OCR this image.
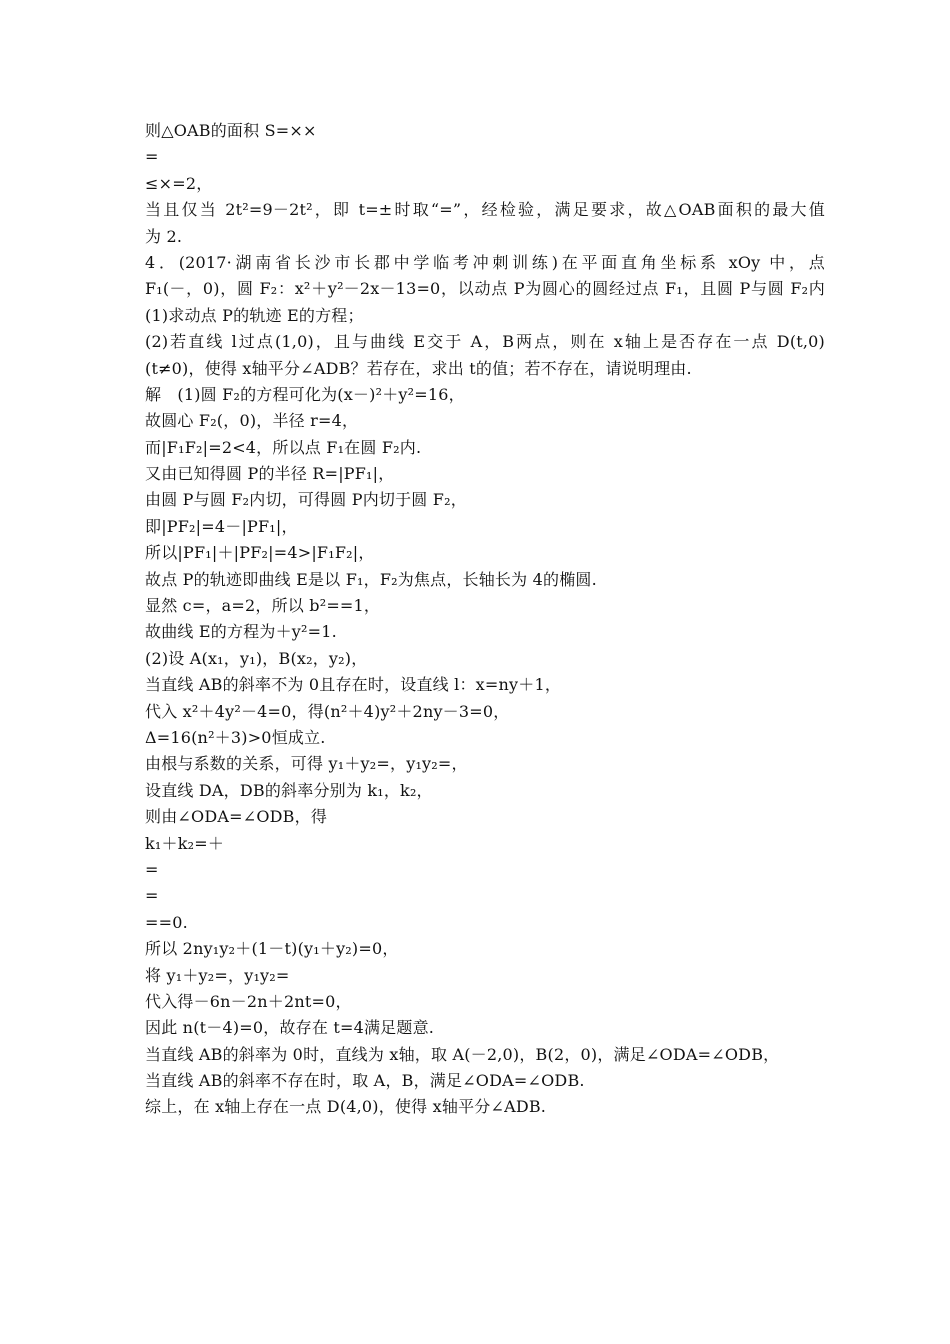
则△OAB的面积 S=××
=
≤×=2，
当且仅当 2t²=9－2t²，即 t=±时取“=”，经检验，满足要求，故△OAB面积的最大值
为 2.
4．(2017·湖南省长沙市长郡中学临考冲刺训练)在平面直角坐标系 xOy 中，点
F₁(－，0)，圆 F₂：x²＋y²－2x－13=0，以动点 P为圆心的圆经过点 F₁，且圆 P与圆 F₂内
(1)求动点 P的轨迹 E的方程；
(2)若直线 l过点(1,0)，且与曲线 E交于 A，B两点，则在 x轴上是否存在一点 D(t,0)
(t≠0)，使得 x轴平分∠ADB？若存在，求出 t的值；若不存在，请说明理由.
解　(1)圆 F₂的方程可化为(x－)²＋y²=16，
故圆心 F₂(，0)，半径 r=4，
而|F₁F₂|=2<4，所以点 F₁在圆 F₂内.
又由已知得圆 P的半径 R=|PF₁|，
由圆 P与圆 F₂内切，可得圆 P内切于圆 F₂，
即|PF₂|=4－|PF₁|，
所以|PF₁|＋|PF₂|=4>|F₁F₂|，
故点 P的轨迹即曲线 E是以 F₁，F₂为焦点，长轴长为 4的椭圆.
显然 c=，a=2，所以 b²==1，
故曲线 E的方程为＋y²=1.
(2)设 A(x₁，y₁)，B(x₂，y₂)，
当直线 AB的斜率不为 0且存在时，设直线 l：x=ny＋1，
代入 x²＋4y²－4=0，得(n²＋4)y²＋2ny－3=0，
Δ=16(n²＋3)>0恒成立.
由根与系数的关系，可得 y₁＋y₂=，y₁y₂=，
设直线 DA，DB的斜率分别为 k₁，k₂，
则由∠ODA=∠ODB，得
k₁＋k₂=＋
=
=
==0.
所以 2ny₁y₂＋(1－t)(y₁＋y₂)=0，
将 y₁＋y₂=，y₁y₂=
代入得－6n－2n＋2nt=0，
因此 n(t－4)=0，故存在 t=4满足题意.
当直线 AB的斜率为 0时，直线为 x轴，取 A(－2,0)，B(2，0)，满足∠ODA=∠ODB，
当直线 AB的斜率不存在时，取 A，B，满足∠ODA=∠ODB.
综上，在 x轴上存在一点 D(4,0)，使得 x轴平分∠ADB.
